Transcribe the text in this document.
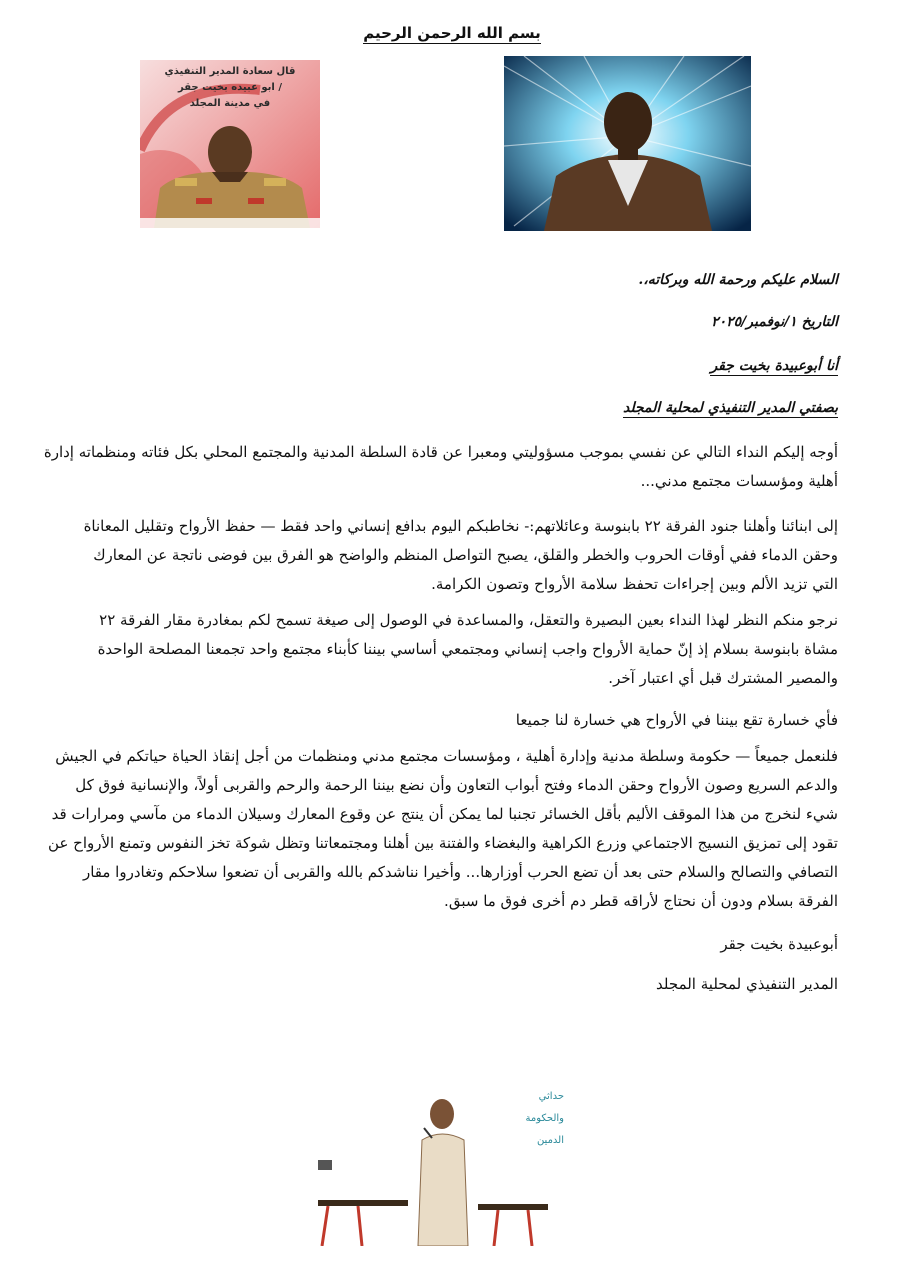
بسم الله الرحمن الرحيم
قال سعادة المدير التنفيذي
/ ابو عبيده بخيت جقر
في مدينة المجلد
السلام عليكم ورحمة الله وبركاته،.
التاريخ ١/نوفمبر/٢٠٢٥
أنا أبوعبيدة بخيت جقر
بصفتي المدير التنفيذي لمحلية المجلد
أوجه إليكم النداء التالي عن نفسي بموجب مسؤوليتي ومعبرا عن قادة السلطة المدنية والمجتمع المحلي بكل فئاته ومنظماته إدارة أهلية ومؤسسات مجتمع مدني...
إلى ابنائنا وأهلنا جنود الفرقة ٢٢ بابنوسة وعائلاتهم:- نخاطبكم اليوم بدافع إنساني واحد فقط — حفظ الأرواح وتقليل المعاناة وحقن الدماء ففي أوقات الحروب والخطر والقلق، يصبح التواصل المنظم والواضح هو الفرق بين فوضى ناتجة عن المعارك التي تزيد الألم وبين إجراءات تحفظ سلامة الأرواح وتصون الكرامة.
نرجو منكم النظر لهذا النداء بعين البصيرة والتعقل، والمساعدة في الوصول إلى صيغة تسمح لكم بمغادرة مقار الفرقة ٢٢ مشاة بابنوسة بسلام إذ إنّ حماية الأرواح واجب إنساني ومجتمعي أساسي بيننا كأبناء مجتمع واحد تجمعنا المصلحة الواحدة والمصير المشترك قبل أي اعتبار آخر.
فأي خسارة تقع بيننا في الأرواح هي خسارة لنا جميعا
فلنعمل جميعاً — حكومة وسلطة مدنية وإدارة أهلية ، ومؤسسات مجتمع مدني ومنظمات من أجل إنقاذ الحياة حياتكم في الجيش والدعم السريع وصون الأرواح وحقن الدماء وفتح أبواب التعاون وأن نضع بيننا الرحمة والرحم والقربى أولاً، والإنسانية فوق كل شيء لنخرج من هذا الموقف الأليم بأقل الخسائر تجنبا لما يمكن أن ينتج عن وقوع المعارك وسيلان الدماء من مآسي ومرارات قد تقود إلى تمزيق النسيج الاجتماعي وزرع الكراهية والبغضاء والفتنة بين أهلنا ومجتمعاتنا وتظل شوكة تخز النفوس وتمنع الأرواح عن التصافي والتصالح والسلام حتى بعد أن تضع الحرب أوزارها... وأخيرا نناشدكم بالله والقربى أن تضعوا سلاحكم وتغادروا مقار الفرقة بسلام ودون أن نحتاج لأراقه قطر دم أخرى فوق ما سبق.
أبوعبيدة بخيت جقر
المدير التنفيذي لمحلية المجلد
حداثي
والحكومة
الدمين
